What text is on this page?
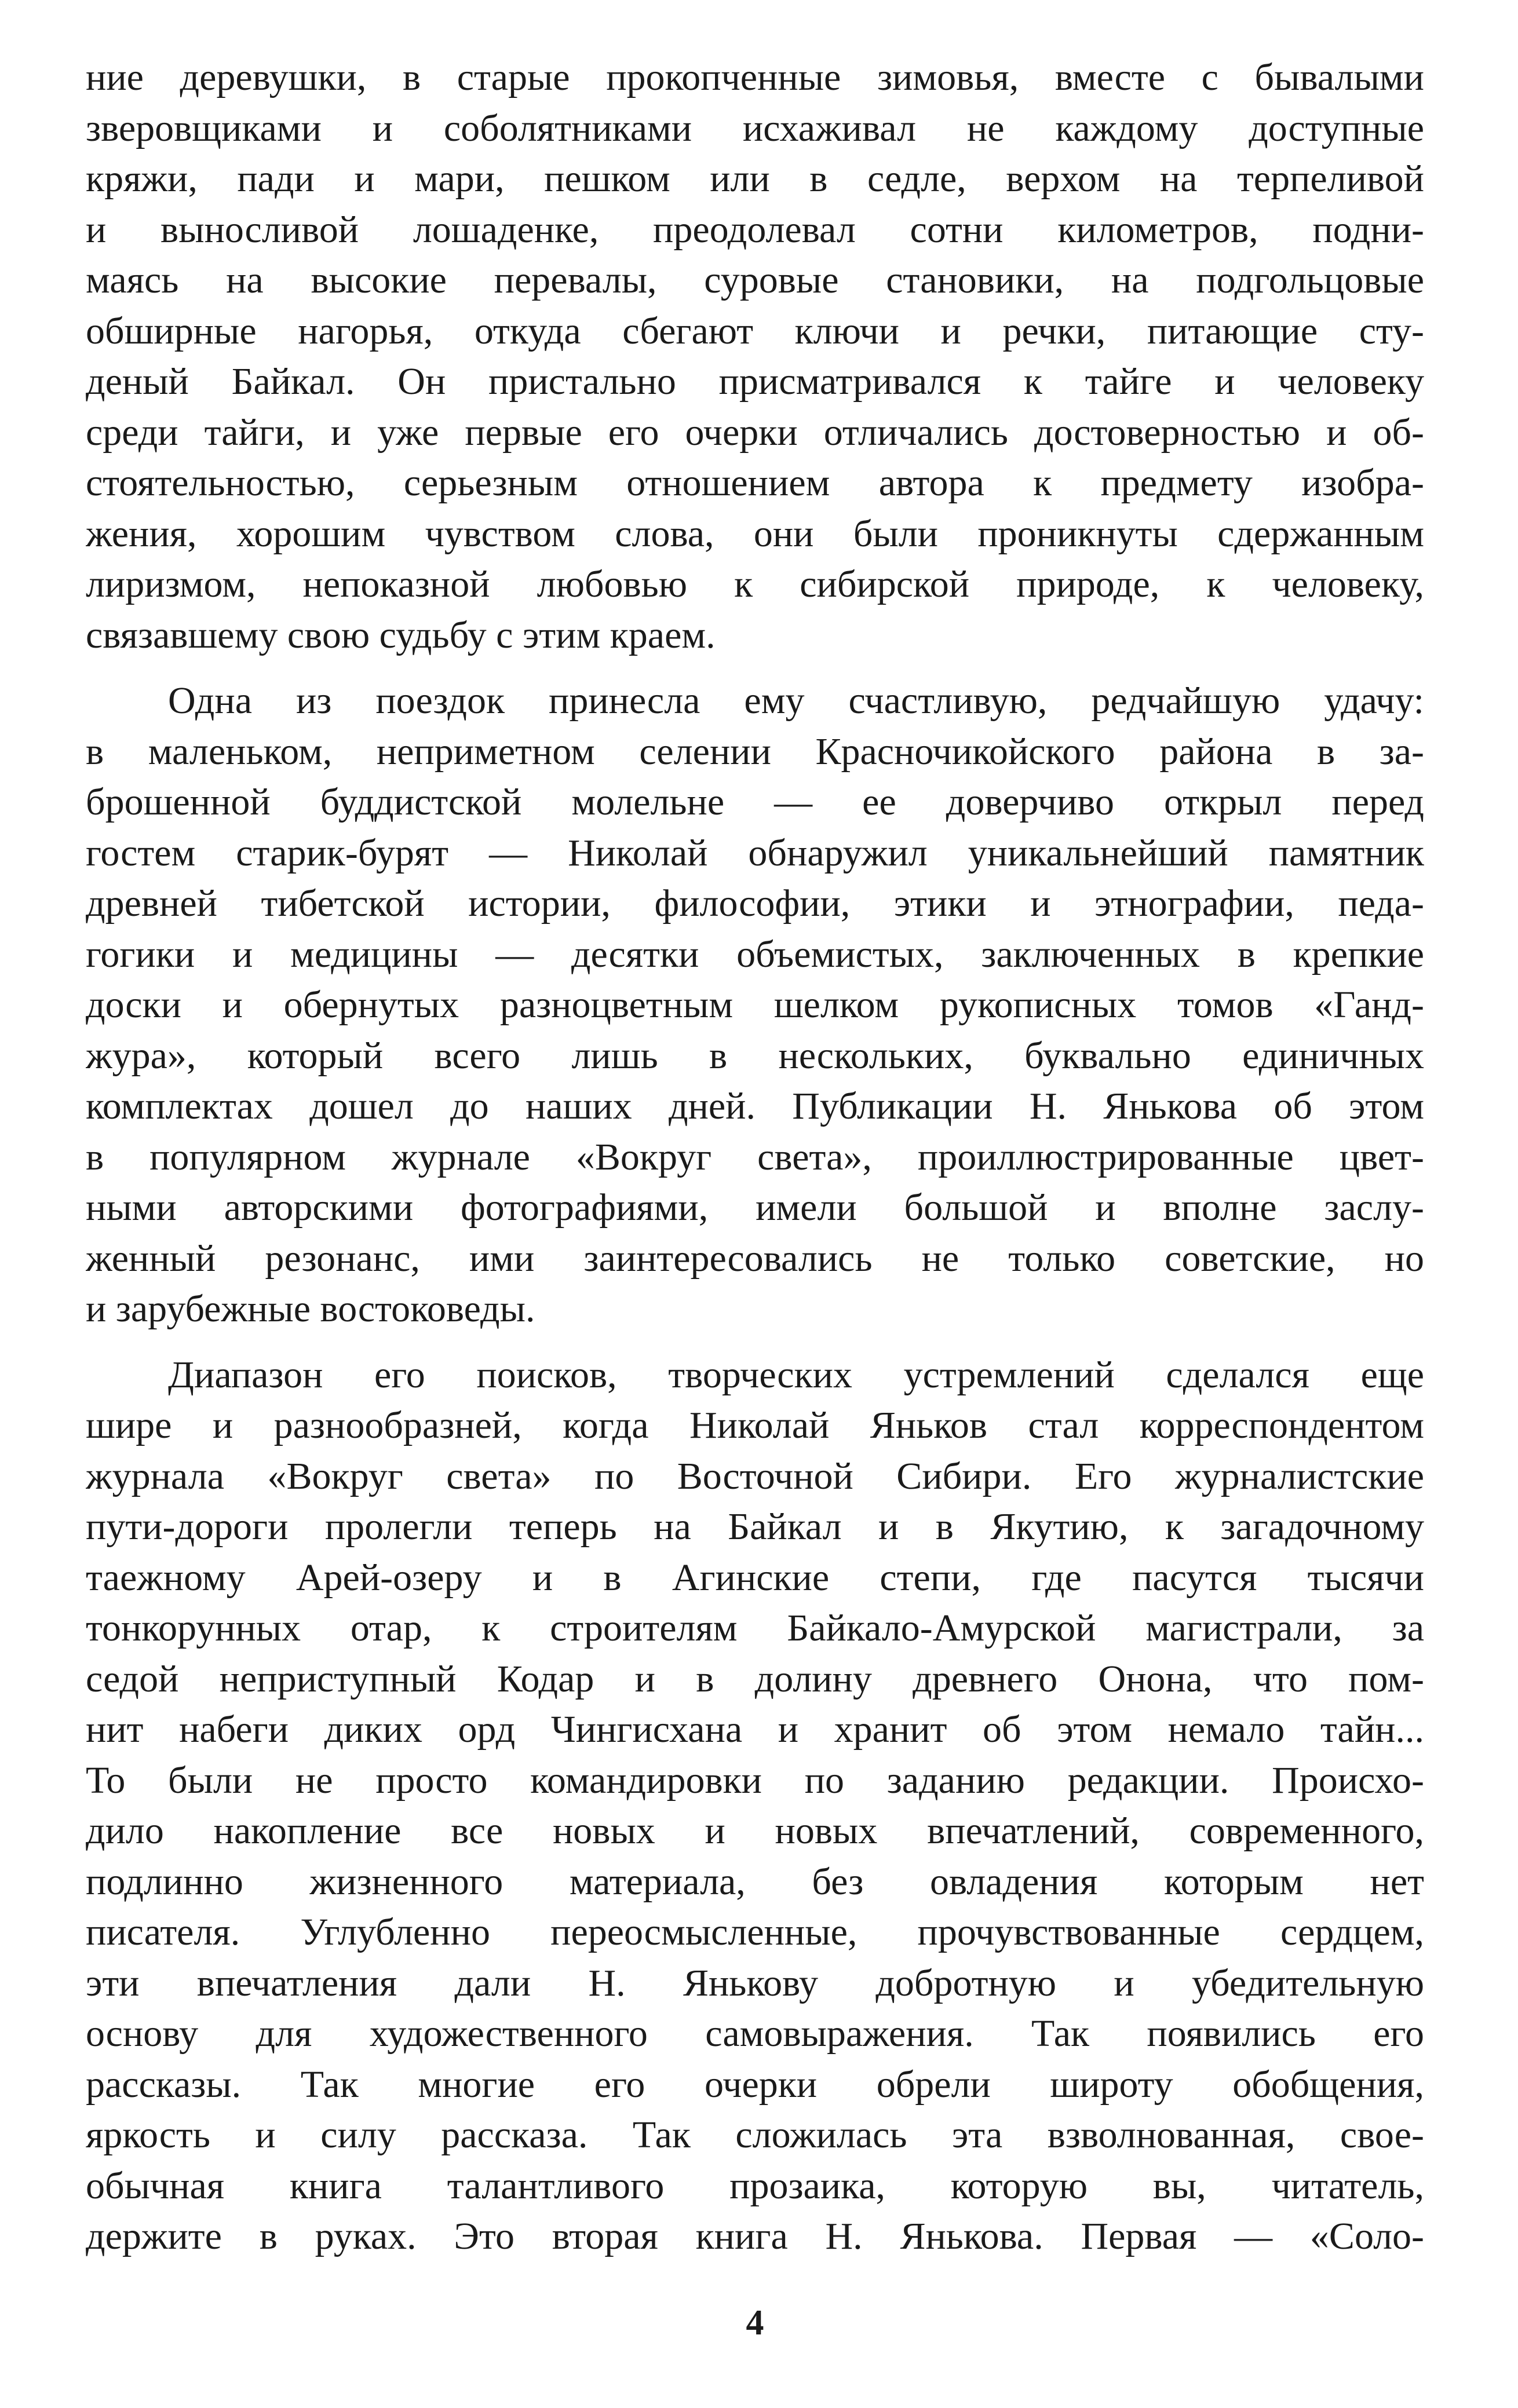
ние деревушки, в старые прокопченные зимовья, вместе с бывалыми
зверовщиками и соболятниками исхаживал не каждому доступные
кряжи, пади и мари, пешком или в седле, верхом на терпеливой
и выносливой лошаденке, преодолевал сотни километров, подни-
маясь на высокие перевалы, суровые становики, на подгольцовые
обширные нагорья, откуда сбегают ключи и речки, питающие сту-
деный Байкал. Он пристально присматривался к тайге и человеку
среди тайги, и уже первые его очерки отличались достоверностью и об-
стоятельностью, серьезным отношением автора к предмету изобра-
жения, хорошим чувством слова, они были проникнуты сдержанным
лиризмом, непоказной любовью к сибирской природе, к человеку,
связавшему свою судьбу с этим краем.
Одна из поездок принесла ему счастливую, редчайшую удачу:
в маленьком, неприметном селении Красночикойского района в за-
брошенной буддистской молельне — ее доверчиво открыл перед
гостем старик-бурят — Николай обнаружил уникальнейший памятник
древней тибетской истории, философии, этики и этнографии, педа-
гогики и медицины — десятки объемистых, заключенных в крепкие
доски и обернутых разноцветным шелком рукописных томов «Ганд-
жура», который всего лишь в нескольких, буквально единичных
комплектах дошел до наших дней. Публикации Н. Янькова об этом
в популярном журнале «Вокруг света», проиллюстрированные цвет-
ными авторскими фотографиями, имели большой и вполне заслу-
женный резонанс, ими заинтересовались не только советские, но
и зарубежные востоковеды.
Диапазон его поисков, творческих устремлений сделался еще
шире и разнообразней, когда Николай Яньков стал корреспондентом
журнала «Вокруг света» по Восточной Сибири. Его журналистские
пути-дороги пролегли теперь на Байкал и в Якутию, к загадочному
таежному Арей-озеру и в Агинские степи, где пасутся тысячи
тонкорунных отар, к строителям Байкало-Амурской магистрали, за
седой неприступный Кодар и в долину древнего Онона, что пом-
нит набеги диких орд Чингисхана и хранит об этом немало тайн...
То были не просто командировки по заданию редакции. Происхо-
дило накопление все новых и новых впечатлений, современного,
подлинно жизненного материала, без овладения которым нет
писателя. Углубленно переосмысленные, прочувствованные сердцем,
эти впечатления дали Н. Янькову добротную и убедительную
основу для художественного самовыражения. Так появились его
рассказы. Так многие его очерки обрели широту обобщения,
яркость и силу рассказа. Так сложилась эта взволнованная, свое-
обычная книга талантливого прозаика, которую вы, читатель,
держите в руках. Это вторая книга Н. Янькова. Первая — «Соло-
4
